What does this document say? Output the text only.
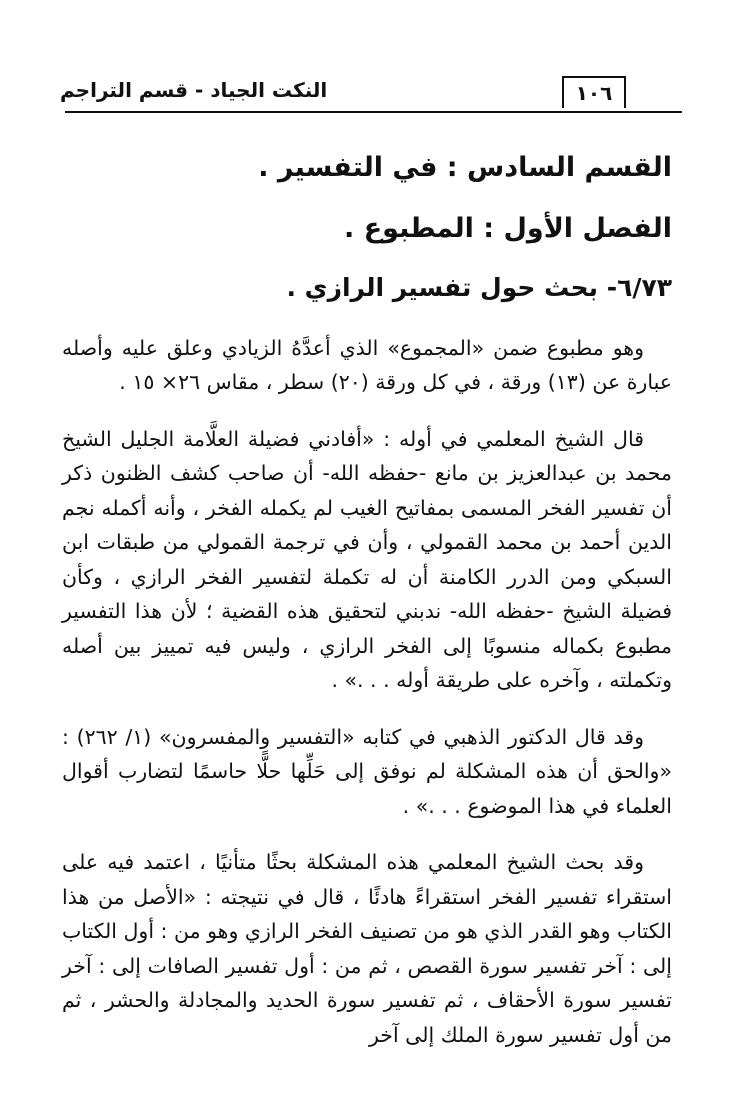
١٠٦
النكت الجياد - قسم التراجم
القسم السادس : في التفسير .
الفصل الأول : المطبوع .
٦/٧٣- بحث حول تفسير الرازي .

وهو مطبوع ضمن «المجموع» الذي أعدَّهُ الزيادي وعلق عليه وأصله عبارة عن (١٣) ورقة ، في كل ورقة (٢٠) سطر ، مقاس ٢٦× ١٥ .

قال الشيخ المعلمي في أوله : «أفادني فضيلة العلَّامة الجليل الشيخ محمد بن عبدالعزيز بن مانع -حفظه الله- أن صاحب كشف الظنون ذكر أن تفسير الفخر المسمى بمفاتيح الغيب لم يكمله الفخر ، وأنه أكمله نجم الدين أحمد بن محمد القمولي ، وأن في ترجمة القمولي من طبقات ابن السبكي ومن الدرر الكامنة أن له تكملة لتفسير الفخر الرازي ، وكأن فضيلة الشيخ -حفظه الله- ندبني لتحقيق هذه القضية ؛ لأن هذا التفسير مطبوع بكماله منسوبًا إلى الفخر الرازي ، وليس فيه تمييز بين أصله وتكملته ، وآخره على طريقة أوله . . .» .

وقد قال الدكتور الذهبي في كتابه «التفسير والمفسرون» (١/ ٢٦٢) : «والحق أن هذه المشكلة لم نوفق إلى حَلِّها حلًّا حاسمًا لتضارب أقوال العلماء في هذا الموضوع . . .» .

وقد بحث الشيخ المعلمي هذه المشكلة بحثًا متأنيًا ، اعتمد فيه على استقراء تفسير الفخر استقراءً هادئًا ، قال في نتيجته : «الأصل من هذا الكتاب وهو القدر الذي هو من تصنيف الفخر الرازي وهو من : أول الكتاب إلى : آخر تفسير سورة القصص ، ثم من : أول تفسير الصافات إلى : آخر تفسير سورة الأحقاف ، ثم تفسير سورة الحديد والمجادلة والحشر ، ثم من أول تفسير سورة الملك إلى آخر
